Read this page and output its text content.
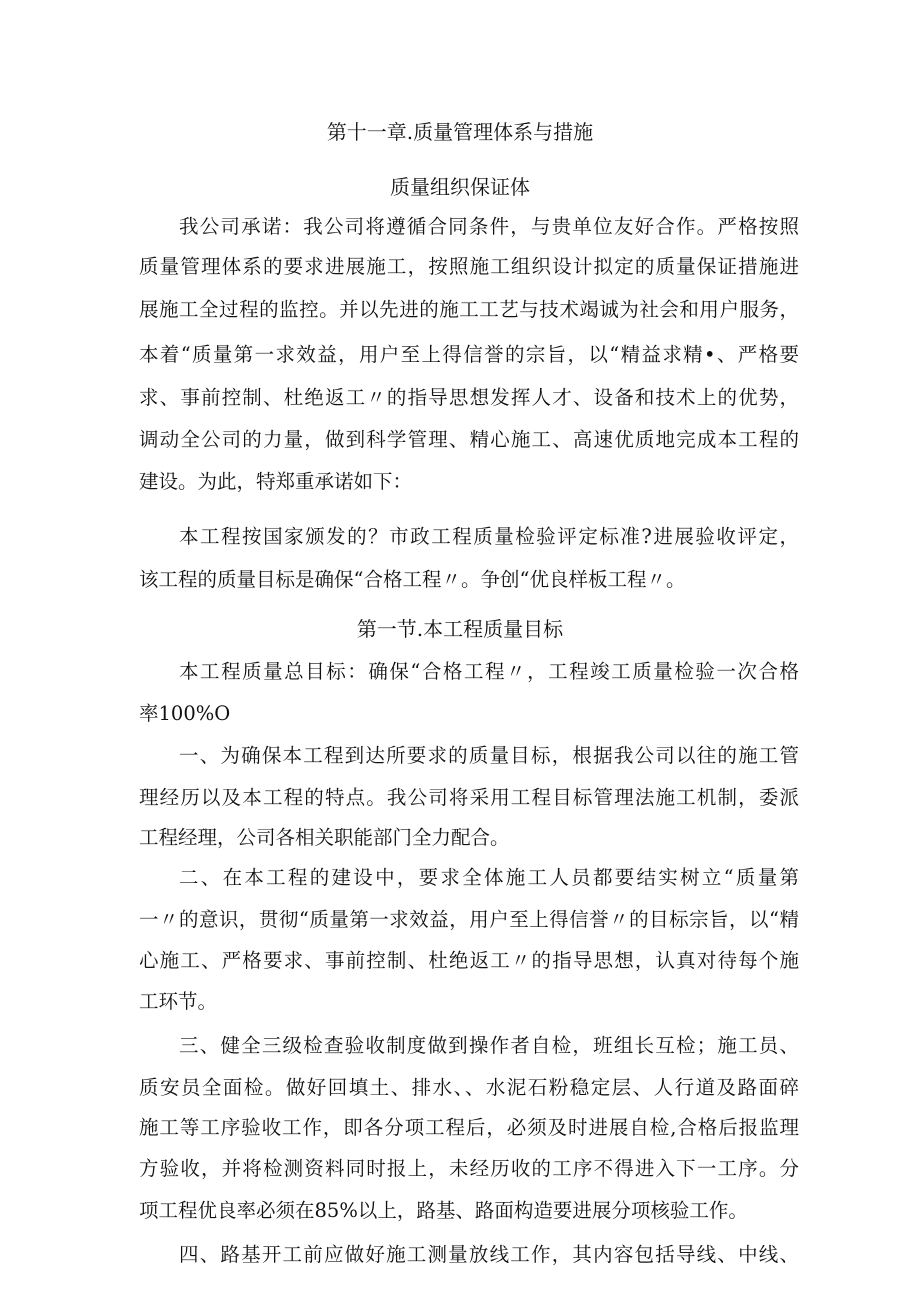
第十一章.质量管理体系与措施
质量组织保证体
我公司承诺：我公司将遵循合同条件，与贵单位友好合作。严格按照
质量管理体系的要求进展施工，按照施工组织设计拟定的质量保证措施进
展施工全过程的监控。并以先进的施工工艺与技术竭诚为社会和用户服务，
本着“质量第一求效益，用户至上得信誉的宗旨，以“精益求精•、严格要
求、事前控制、杜绝返工〃的指导思想发挥人才、设备和技术上的优势，
调动全公司的力量，做到科学管理、精心施工、高速优质地完成本工程的
建设。为此，特郑重承诺如下：
本工程按国家颁发的？市政工程质量检验评定标准?进展验收评定，
该工程的质量目标是确保“合格工程〃。争创“优良样板工程〃。
第一节.本工程质量目标
本工程质量总目标：确保“合格工程〃，工程竣工质量检验一次合格
率100%O
一、为确保本工程到达所要求的质量目标，根据我公司以往的施工管
理经历以及本工程的特点。我公司将采用工程目标管理法施工机制，委派
工程经理，公司各相关职能部门全力配合。
二、在本工程的建设中，要求全体施工人员都要结实树立“质量第
一〃的意识，贯彻“质量第一求效益，用户至上得信誉〃的目标宗旨，以“精
心施工、严格要求、事前控制、杜绝返工〃的指导思想，认真对待每个施
工环节。
三、健全三级检查验收制度做到操作者自检，班组长互检；施工员、
质安员全面检。做好回填土、排水、、水泥石粉稳定层、人行道及路面碎
施工等工序验收工作，即各分项工程后，必须及时进展自检,合格后报监理
方验收，并将检测资料同时报上，未经历收的工序不得进入下一工序。分
项工程优良率必须在85%以上，路基、路面构造要进展分项核验工作。
四、路基开工前应做好施工测量放线工作，其内容包括导线、中线、
